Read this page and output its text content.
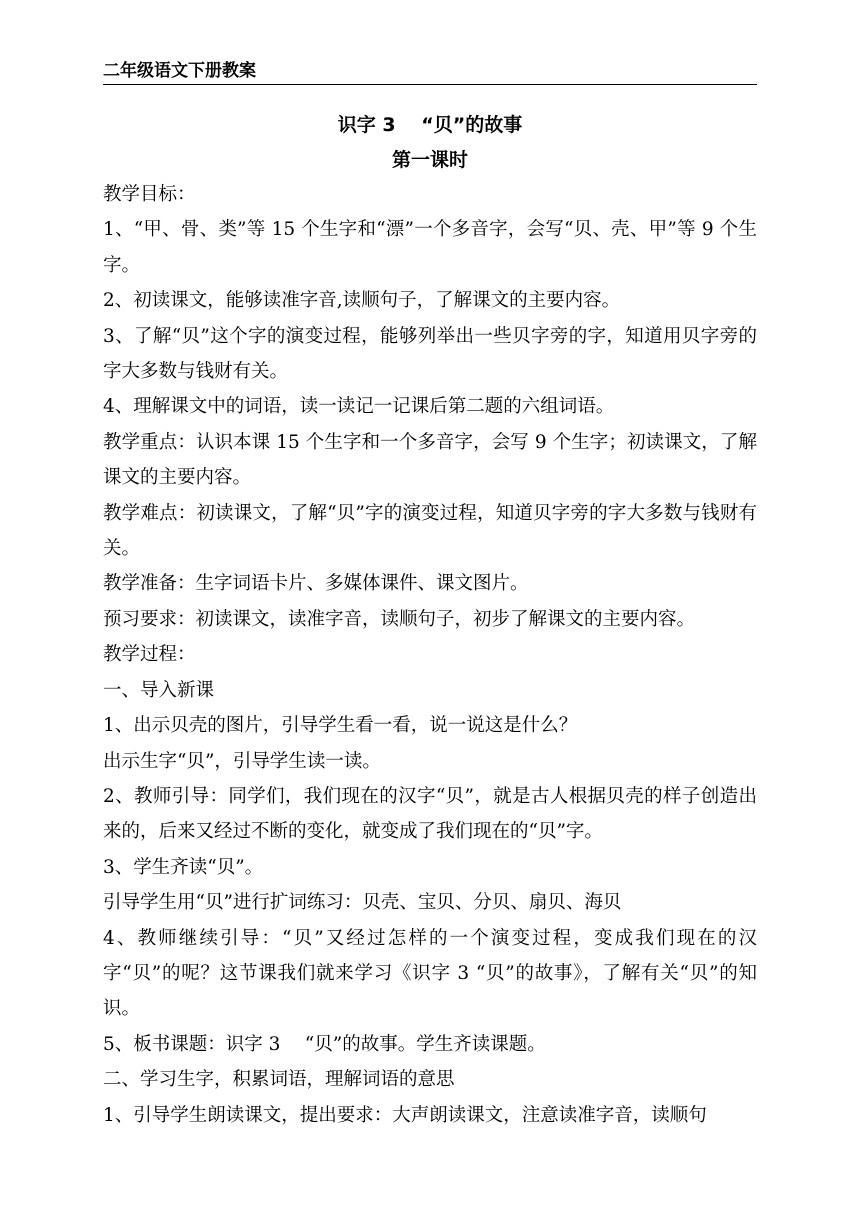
二年级语文下册教案
识字 3　 “贝”的故事
第一课时

教学目标：

1、“甲、骨、类”等 15 个生字和“漂”一个多音字，会写“贝、壳、甲”等 9 个生字。

2、初读课文，能够读准字音,读顺句子，了解课文的主要内容。

3、了解“贝”这个字的演变过程，能够列举出一些贝字旁的字，知道用贝字旁的字大多数与钱财有关。

4、理解课文中的词语，读一读记一记课后第二题的六组词语。

教学重点：认识本课 15 个生字和一个多音字，会写 9 个生字；初读课文，了解课文的主要内容。

教学难点：初读课文，了解“贝”字的演变过程，知道贝字旁的字大多数与钱财有关。

教学准备：生字词语卡片、多媒体课件、课文图片。

预习要求：初读课文，读准字音，读顺句子，初步了解课文的主要内容。

教学过程：

一、导入新课

1、出示贝壳的图片，引导学生看一看，说一说这是什么？

出示生字“贝”，引导学生读一读。

2、教师引导：同学们，我们现在的汉字“贝”，就是古人根据贝壳的样子创造出来的，后来又经过不断的变化，就变成了我们现在的“贝”字。

3、学生齐读“贝”。

引导学生用“贝”进行扩词练习：贝壳、宝贝、分贝、扇贝、海贝

4、教师继续引导：“贝”又经过怎样的一个演变过程，变成我们现在的汉字“贝”的呢？这节课我们就来学习《识字 3 “贝”的故事》，了解有关“贝”的知识。

5、板书课题：识字 3　 “贝”的故事。学生齐读课题。

二、学习生字，积累词语，理解词语的意思

1、引导学生朗读课文，提出要求：大声朗读课文，注意读准字音，读顺句
